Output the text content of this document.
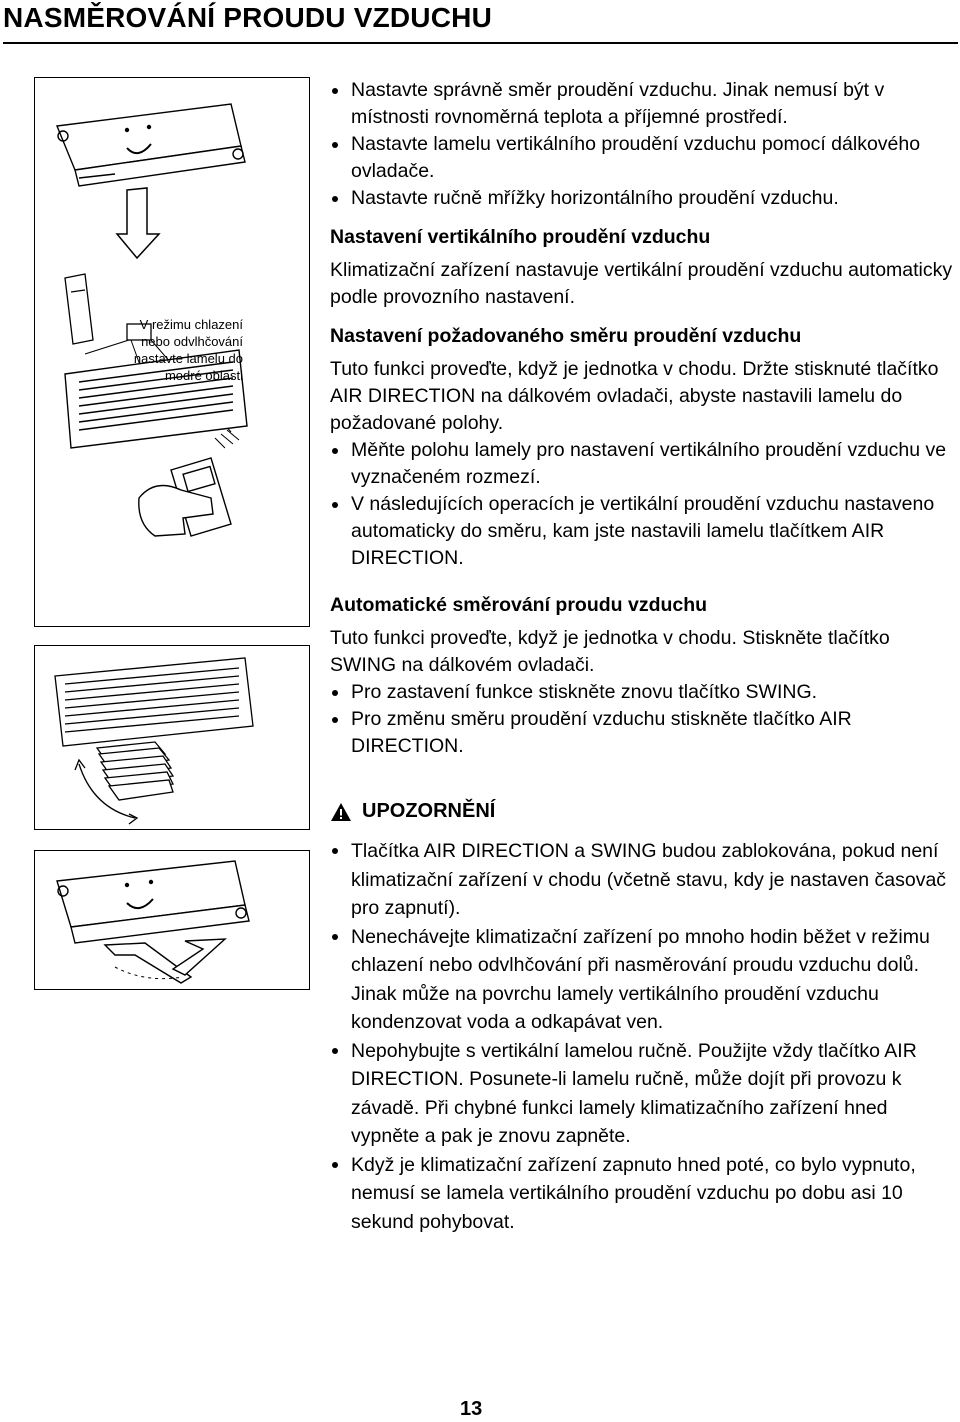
NASMĚROVÁNÍ PROUDU VZDUCHU
V režimu chlazení nebo odvlhčování nastavte lamelu do modré oblasti
Nastavte správně směr proudění vzduchu. Jinak nemusí být v místnosti rovnoměrná teplota a příjemné prostředí.
Nastavte lamelu vertikálního proudění vzduchu pomocí dálkového ovladače.
Nastavte ručně mřížky horizontálního proudění vzduchu.
Nastavení vertikálního proudění vzduchu

Klimatizační zařízení nastavuje vertikální proudění vzduchu automaticky podle provozního nastavení.

Nastavení požadovaného směru proudění vzduchu

Tuto funkci proveďte, když je jednotka v chodu. Držte stisknuté tlačítko AIR DIRECTION na dálkovém ovladači, abyste nastavili lamelu do požadované polohy.

Měňte polohu lamely pro nastavení vertikálního proudění vzduchu ve vyznačeném rozmezí.
V následujících operacích je vertikální proudění vzduchu nastaveno automaticky do směru, kam jste nastavili lamelu tlačítkem AIR DIRECTION.
Automatické směrování proudu vzduchu

Tuto funkci proveďte, když je jednotka v chodu. Stiskněte tlačítko SWING na dálkovém ovladači.

Pro zastavení funkce stiskněte znovu tlačítko SWING.
Pro změnu směru proudění vzduchu stiskněte tlačítko AIR DIRECTION.
UPOZORNĚNÍ
Tlačítka AIR DIRECTION a SWING budou zablokována, pokud není klimatizační zařízení v chodu (včetně stavu, kdy je nastaven časovač pro zapnutí).
Nenechávejte klimatizační zařízení po mnoho hodin běžet v režimu chlazení nebo odvlhčování při nasměrování proudu vzduchu dolů. Jinak může na povrchu lamely vertikálního proudění vzduchu kondenzovat voda a odkapávat ven.
Nepohybujte s vertikální lamelou ručně. Použijte vždy tlačítko AIR DIRECTION. Posunete-li lamelu ručně, může dojít při provozu k závadě. Při chybné funkci lamely klimatizačního zařízení hned vypněte a pak je znovu zapněte.
Když je klimatizační zařízení zapnuto hned poté, co bylo vypnuto, nemusí se lamela vertikálního proudění vzduchu po dobu asi 10 sekund pohybovat.
13
